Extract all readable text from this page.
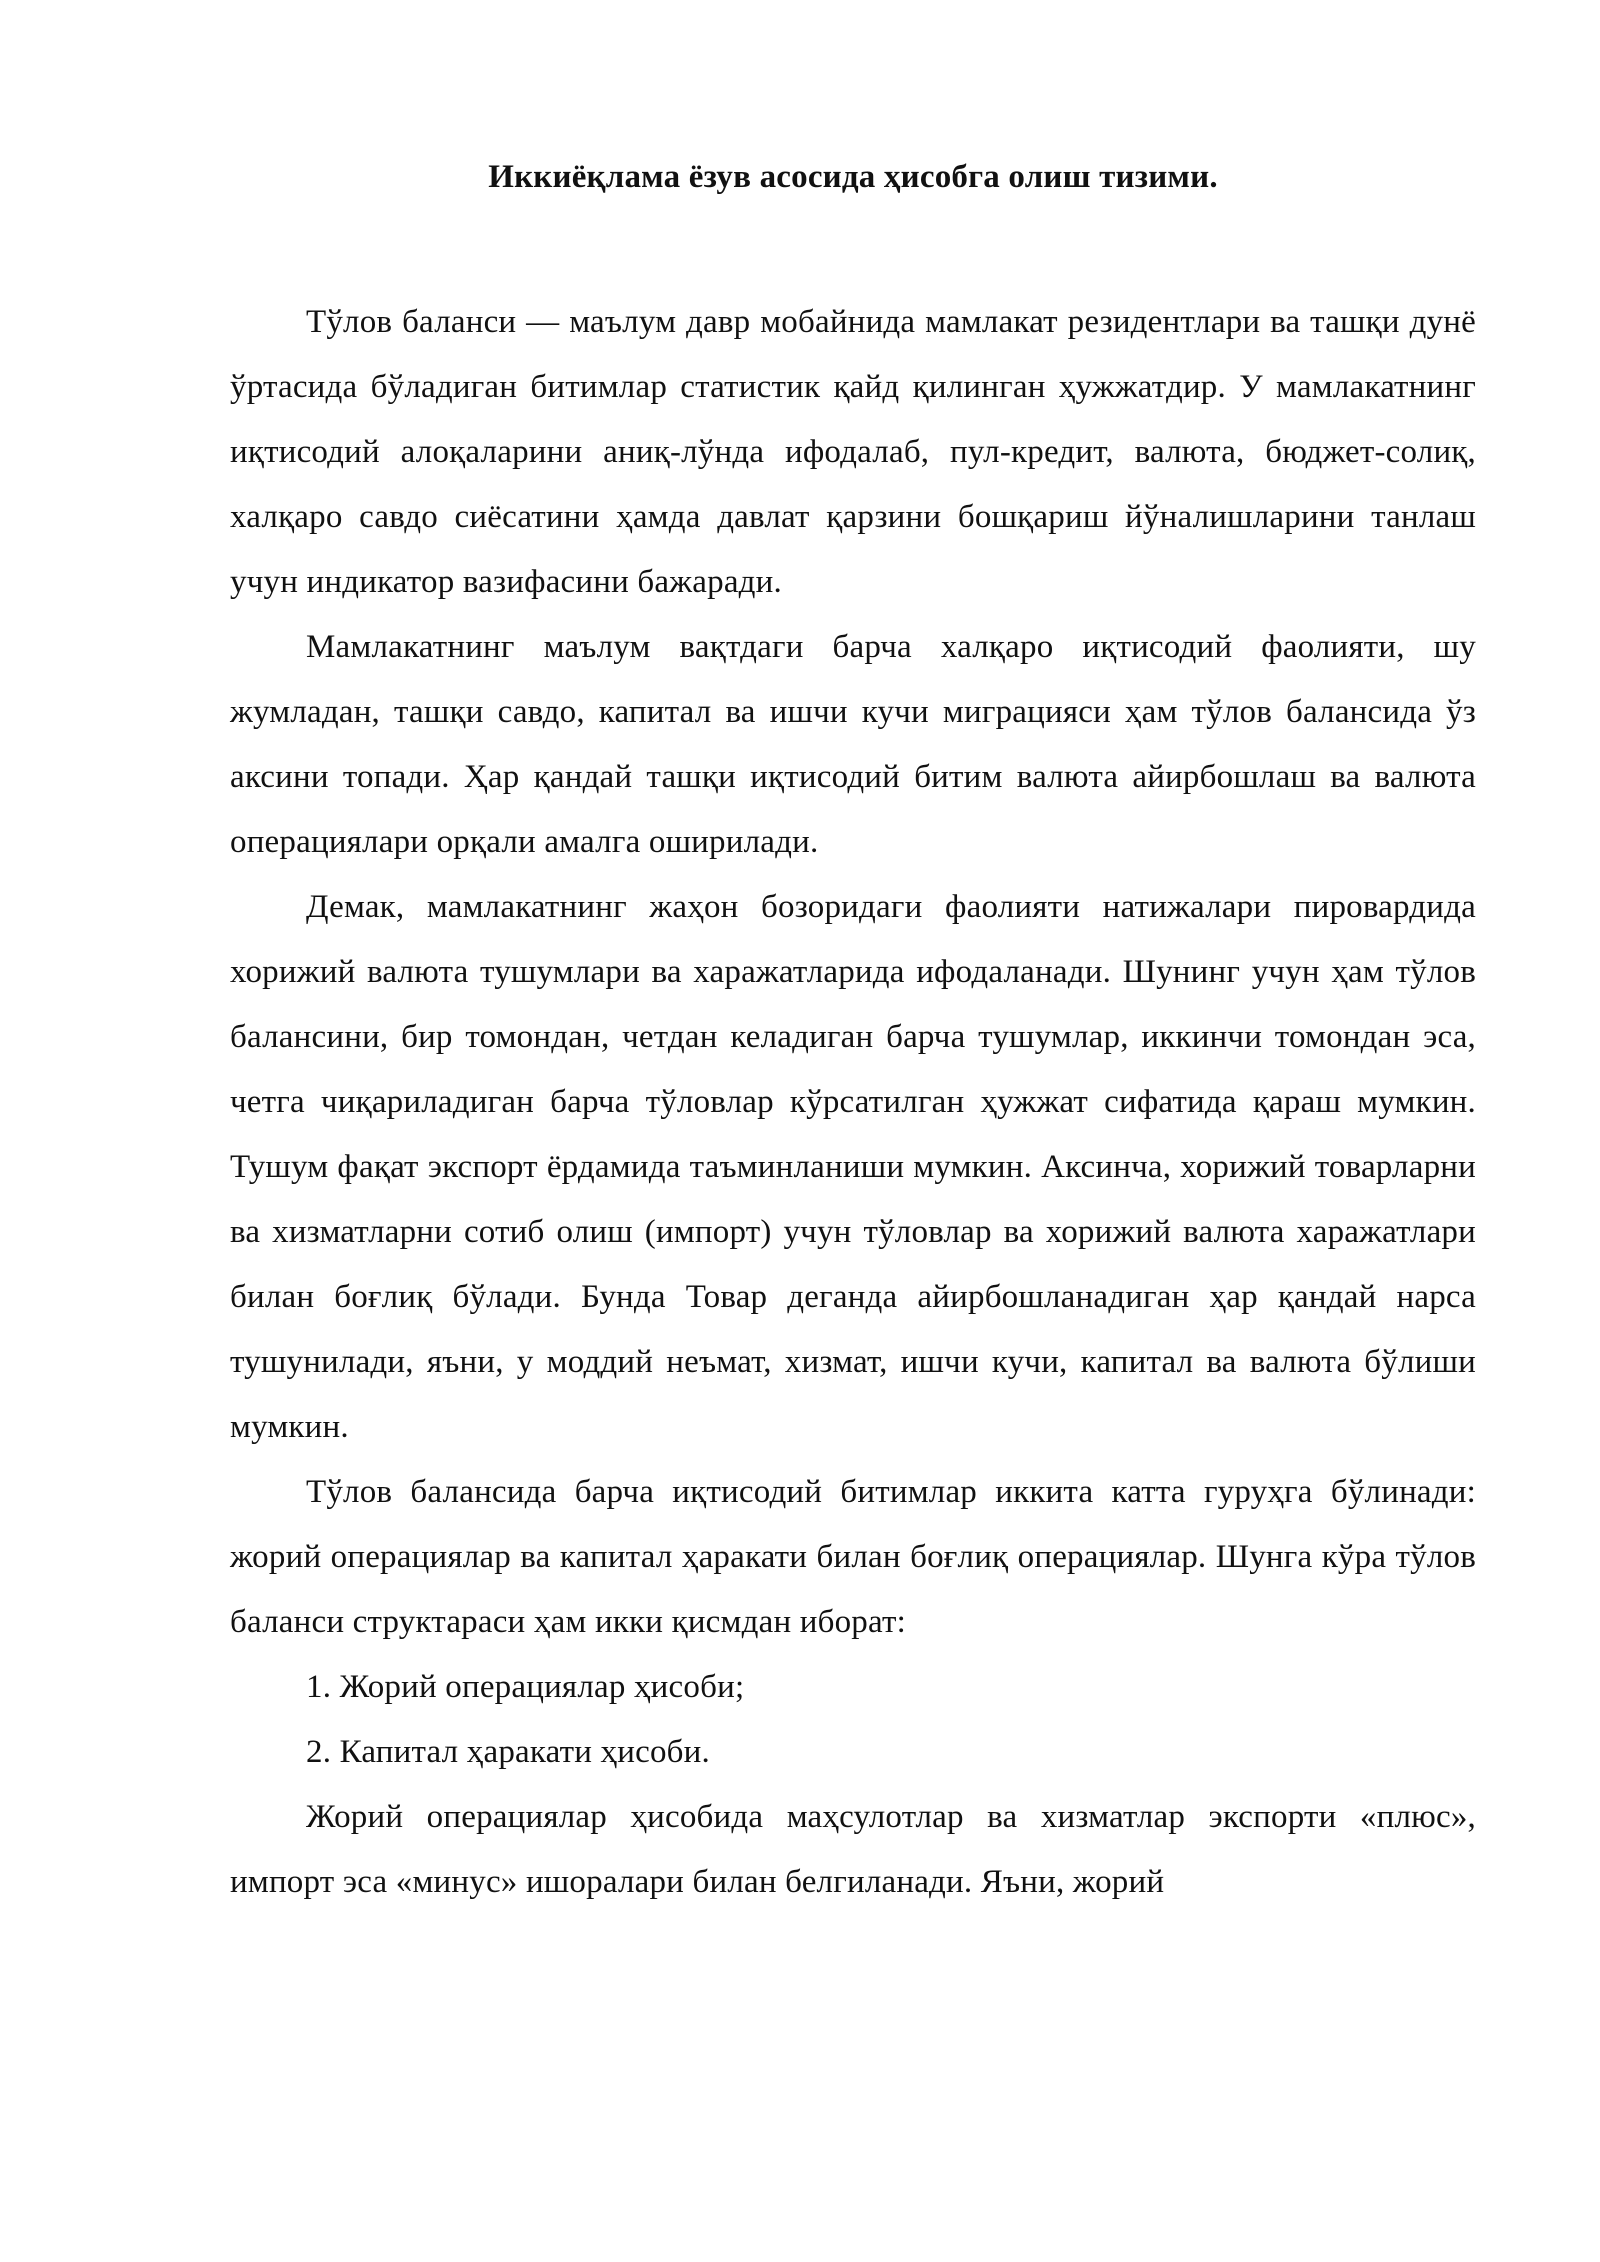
Иккиёқлама ёзув асосида ҳисобга олиш тизими.

Тўлов баланси — маълум давр мобайнида мамлакат резидентлари ва ташқи дунё ўртасида бўладиган битимлар статистик қайд қилинган ҳужжатдир. У мамлакатнинг иқтисодий алоқаларини аниқ-лўнда ифодалаб, пул-кредит, валюта, бюджет-солиқ, халқаро савдо сиёсатини ҳамда давлат қарзини бошқариш йўналишларини танлаш учун индикатор вазифасини бажаради.

Мамлакатнинг маълум вақтдаги барча халқаро иқтисодий фаолияти, шу жумладан, ташқи савдо, капитал ва ишчи кучи миграцияси ҳам тўлов балансида ўз аксини топади. Ҳар қандай ташқи иқтисодий битим валюта айирбошлаш ва валюта операциялари орқали амалга оширилади.

Демак, мамлакатнинг жаҳон бозоридаги фаолияти натижалари пировардида хорижий валюта тушумлари ва харажатларида ифодаланади. Шунинг учун ҳам тўлов балансини, бир томондан, четдан келадиган барча тушумлар, иккинчи томондан эса, четга чиқариладиган барча тўловлар кўрсатилган ҳужжат сифатида қараш мумкин. Тушум фақат экспорт ёрдамида таъминланиши мумкин. Аксинча, хорижий товарларни ва хизматларни сотиб олиш (импорт) учун тўловлар ва хорижий валюта харажатлари билан боғлиқ бўлади. Бунда Товар деганда айирбошланадиган ҳар қандай нарса тушунилади, яъни, у моддий неъмат, хизмат, ишчи кучи, капитал ва валюта бўлиши мумкин.

Тўлов балансида барча иқтисодий битимлар иккита катта гуруҳга бўлинади: жорий операциялар ва капитал ҳаракати билан боғлиқ операциялар. Шунга кўра тўлов баланси структараси ҳам икки қисмдан иборат:

1. Жорий операциялар ҳисоби;
2. Капитал ҳаракати ҳисоби.

Жорий операциялар ҳисобида маҳсулотлар ва хизматлар экспорти «плюс», импорт эса «минус» ишоралари билан белгиланади. Яъни, жорий
